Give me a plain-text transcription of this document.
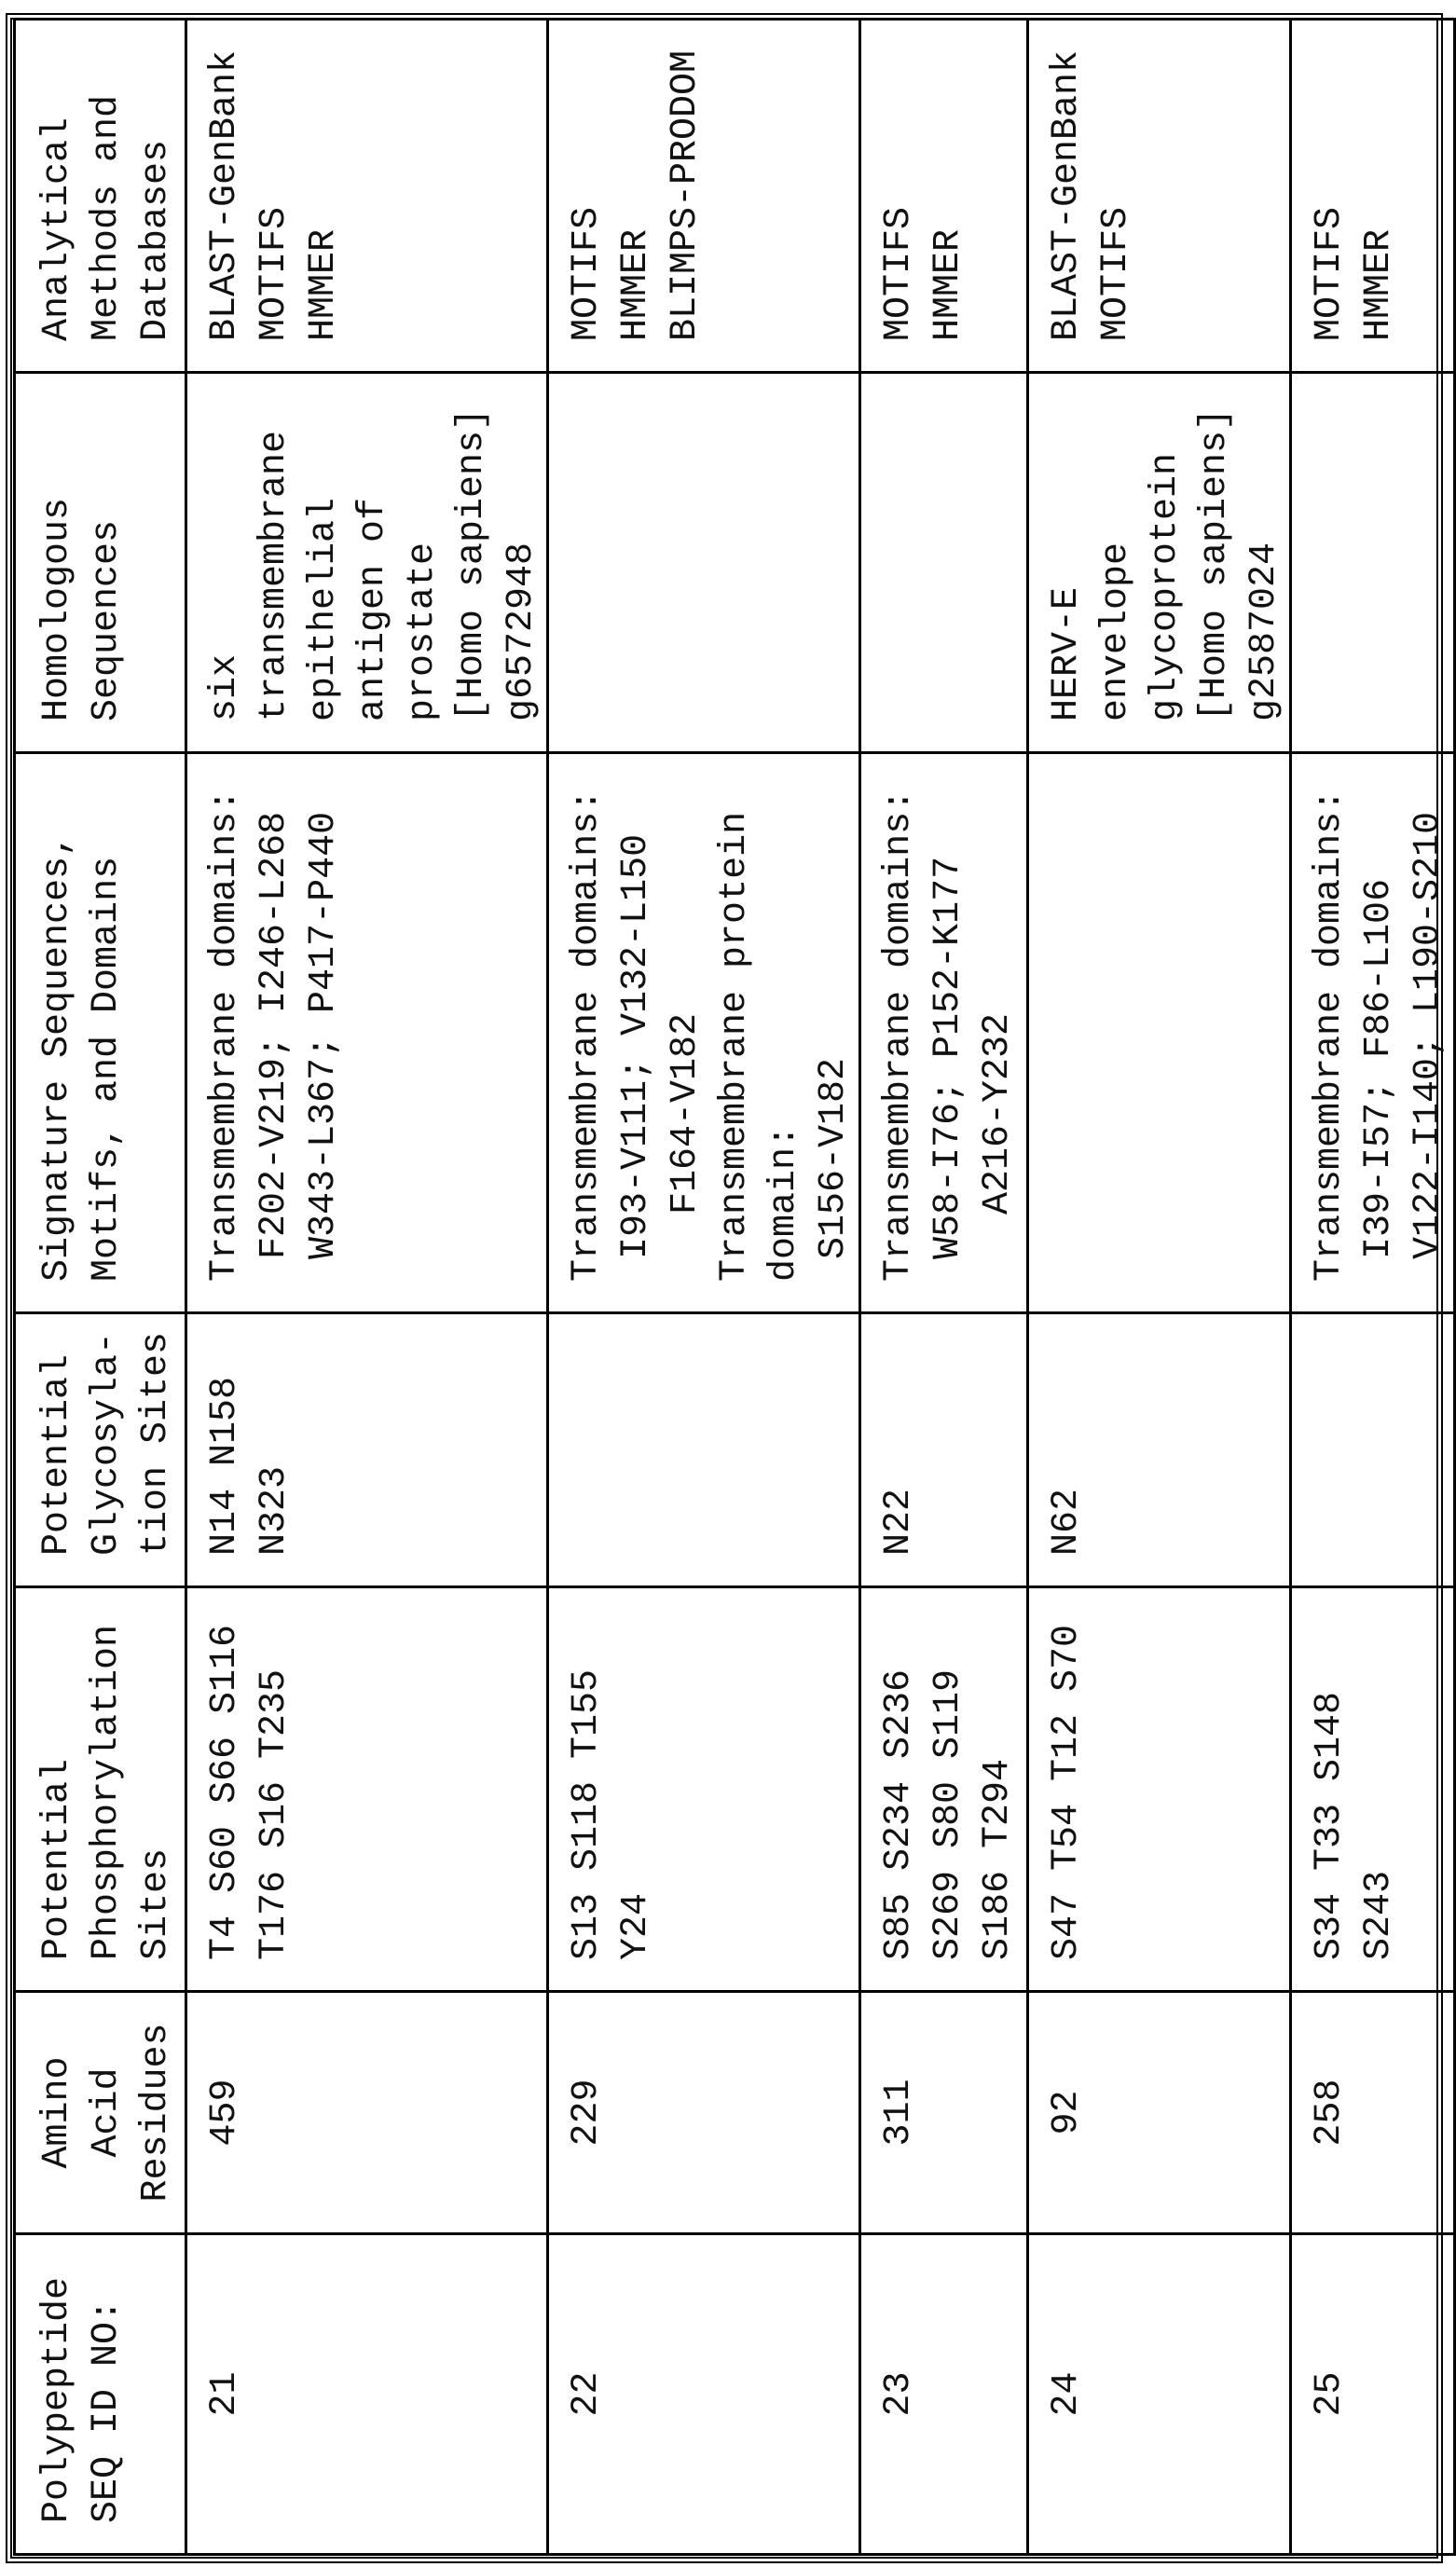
Polypeptide
SEQ ID NO:	Amino
Acid
Residues	Potential
Phosphorylation
Sites	Potential
Glycosyla-
tion Sites	Signature Sequences,
Motifs, and Domains	Homologous
Sequences	Analytical
Methods and
Databases
21	459	T4 S60 S66 S116
T176 S16 T235	N14 N158
N323	Transmembrane domains:
F202-V219; I246-L268
W343-L367; P417-P440	six
transmembrane
epithelial
antigen of
prostate
[Homo sapiens]
g6572948	BLAST-GenBank
MOTIFS
HMMER
22	229	S13 S118 T155
Y24		Transmembrane domains:
I93-V111; V132-L150
F164-V182
Transmembrane protein
domain:
S156-V182		MOTIFS
HMMER
BLIMPS-PRODOM
23	311	S85 S234 S236
S269 S80 S119
S186 T294	N22	Transmembrane domains:
W58-I76; P152-K177
A216-Y232		MOTIFS
HMMER
24	92	S47 T54 T12 S70	N62		HERV-E
envelope
glycoprotein
[Homo sapiens]
g2587024	BLAST-GenBank
MOTIFS
25	258	S34 T33 S148
S243		Transmembrane domains:
I39-I57; F86-L106
V122-I140; L190-S210		MOTIFS
HMMER
